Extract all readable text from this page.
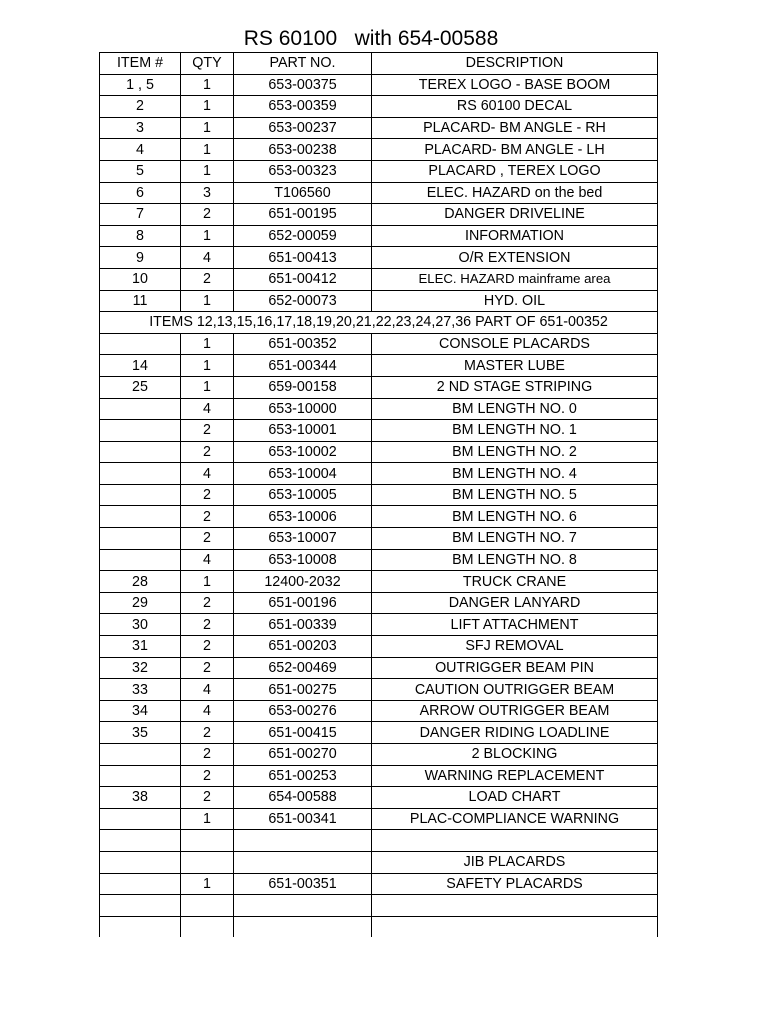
RS 60100   with 654-00588
ITEM #	QTY	PART NO.	DESCRIPTION
1 , 5	1	653-00375	TEREX LOGO - BASE BOOM
2	1	653-00359	RS 60100 DECAL
3	1	653-00237	PLACARD- BM ANGLE - RH
4	1	653-00238	PLACARD- BM ANGLE - LH
5	1	653-00323	PLACARD , TEREX LOGO
6	3	T106560	ELEC. HAZARD on the bed
7	2	651-00195	DANGER DRIVELINE
8	1	652-00059	INFORMATION
9	4	651-00413	O/R EXTENSION
10	2	651-00412	ELEC. HAZARD mainframe area
11	1	652-00073	HYD. OIL
ITEMS 12,13,15,16,17,18,19,20,21,22,23,24,27,36 PART OF 651-00352			
	1	651-00352	CONSOLE PLACARDS
14	1	651-00344	MASTER LUBE
25	1	659-00158	2 ND STAGE STRIPING
	4	653-10000	BM LENGTH NO. 0
	2	653-10001	BM LENGTH NO. 1
	2	653-10002	BM LENGTH NO. 2
	4	653-10004	BM LENGTH NO. 4
	2	653-10005	BM LENGTH NO. 5
	2	653-10006	BM LENGTH NO. 6
	2	653-10007	BM LENGTH NO. 7
	4	653-10008	BM LENGTH NO. 8
28	1	12400-2032	TRUCK CRANE
29	2	651-00196	DANGER LANYARD
30	2	651-00339	LIFT ATTACHMENT
31	2	651-00203	SFJ REMOVAL
32	2	652-00469	OUTRIGGER BEAM PIN
33	4	651-00275	CAUTION OUTRIGGER BEAM
34	4	653-00276	ARROW OUTRIGGER BEAM
35	2	651-00415	DANGER RIDING LOADLINE
	2	651-00270	2 BLOCKING
	2	651-00253	WARNING REPLACEMENT
38	2	654-00588	LOAD CHART
	1	651-00341	PLAC-COMPLIANCE WARNING

			JIB PLACARDS
	1	651-00351	SAFETY PLACARDS
